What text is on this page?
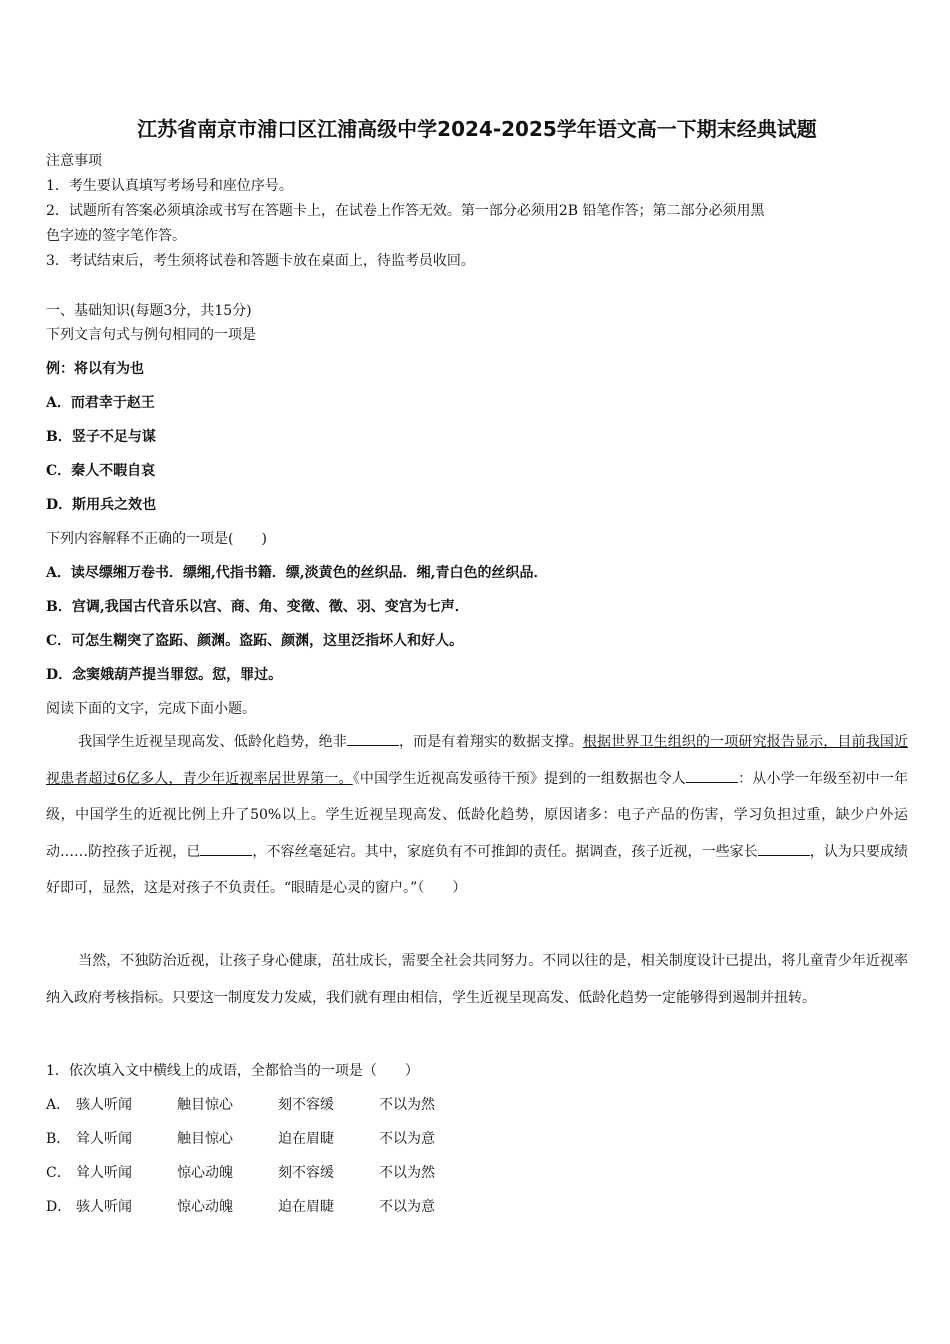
江苏省南京市浦口区江浦高级中学2024-2025学年语文高一下期末经典试题
注意事项
1．考生要认真填写考场号和座位序号。
2．试题所有答案必须填涂或书写在答题卡上，在试卷上作答无效。第一部分必须用2B 铅笔作答；第二部分必须用黑
色字迹的签字笔作答。
3．考试结束后，考生须将试卷和答题卡放在桌面上，待监考员收回。
一、基础知识(每题3分，共15分)
下列文言句式与例句相同的一项是
例：将以有为也
A．而君幸于赵王
B．竖子不足与谋
C．秦人不暇自哀
D．斯用兵之效也
下列内容解释不正确的一项是(　　)
A．读尽缥缃万卷书．缥缃,代指书籍．缥,淡黄色的丝织品．缃,青白色的丝织品．
B．宫调,我国古代音乐以宫、商、角、变徵、徵、羽、变宫为七声．
C．可怎生糊突了盗跖、颜渊。盗跖、颜渊，这里泛指坏人和好人。
D．念窦娥葫芦提当罪愆。愆，罪过。
阅读下面的文字，完成下面小题。
我国学生近视呈现高发、低龄化趋势，绝非	，而是有着翔实的数据支撑。根据世界卫生组织的一项研究报告显示，目前我国近视患者超过6亿多人，青少年近视率居世界第一。《中国学生近视高发亟待干预》提到的一组数据也令人	：从小学一年级至初中一年级，中国学生的近视比例上升了50%以上。学生近视呈现高发、低龄化趋势，原因诸多：电子产品的伤害，学习负担过重，缺少户外运动……防控孩子近视，已	，不容丝毫延宕。其中，家庭负有不可推卸的责任。据调查，孩子近视，一些家长	，认为只要成绩好即可，显然，这是对孩子不负责任。“眼睛是心灵的窗户。”（　　）
当然，不独防治近视，让孩子身心健康，茁壮成长，需要全社会共同努力。不同以往的是，相关制度设计已提出，将儿童青少年近视率纳入政府考核指标。只要这一制度发力发威，我们就有理由相信，学生近视呈现高发、低龄化趋势一定能够得到遏制并扭转。
1．依次填入文中横线上的成语，全都恰当的一项是（　　）
A． 骇人听闻	触目惊心	刻不容缓	不以为然
B． 耸人听闻	触目惊心	迫在眉睫	不以为意
C． 耸人听闻	惊心动魄	刻不容缓	不以为然
D． 骇人听闻	惊心动魄	迫在眉睫	不以为意
